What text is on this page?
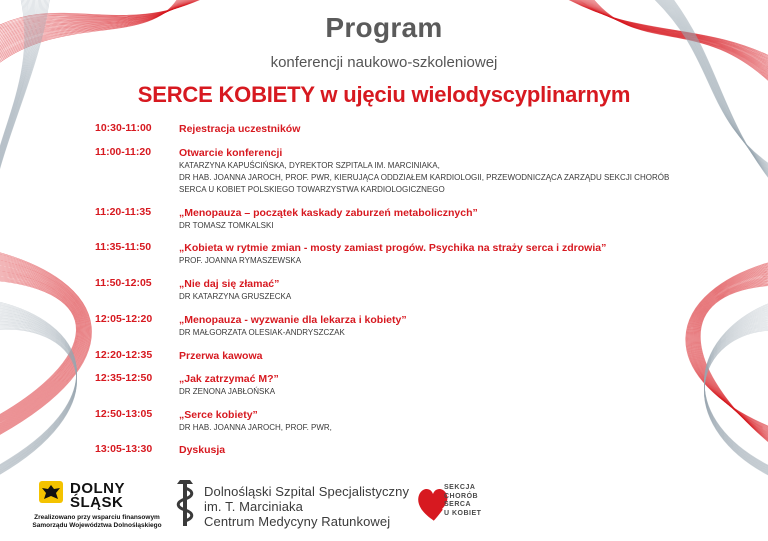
Program
konferencji naukowo-szkoleniowej
SERCE KOBIETY w ujęciu wielodyscyplinarnym
10:30-11:00	Rejestracja uczestników
11:00-11:20	Otwarcie konferencji
KATARZYNA KAPUŚCIŃSKA, DYREKTOR SZPITALA IM. MARCINIAKA,
DR HAB. JOANNA JAROCH, PROF. PWR, KIERUJĄCA ODDZIAŁEM KARDIOLOGII, PRZEWODNICZĄCA ZARZĄDU SEKCJI CHORÓB
SERCA U KOBIET POLSKIEGO TOWARZYSTWA KARDIOLOGICZNEGO
11:20-11:35	„Menopauza – początek kaskady zaburzeń metabolicznych”
DR TOMASZ TOMKALSKI
11:35-11:50	„Kobieta w rytmie zmian - mosty zamiast progów. Psychika na straży serca i zdrowia”
PROF. JOANNA RYMASZEWSKA
11:50-12:05	„Nie daj się złamać”
DR KATARZYNA GRUSZECKA
12:05-12:20	„Menopauza - wyzwanie dla lekarza i kobiety”
DR MAŁGORZATA OLESIAK-ANDRYSZCZAK
12:20-12:35	Przerwa kawowa
12:35-12:50	„Jak zatrzymać M?”
DR ZENONA JABŁOŃSKA
12:50-13:05	„Serce kobiety”
DR HAB. JOANNA JAROCH, PROF. PWR,
13:05-13:30	Dyskusja
DOLNY
ŚLĄSK
Zrealizowano przy wsparciu finansowym
Samorządu Województwa Dolnośląskiego
Dolnośląski Szpital Specjalistyczny
im. T. Marciniaka
Centrum Medycyny Ratunkowej
SEKCJA
CHORÓB
SERCA
U KOBIET
